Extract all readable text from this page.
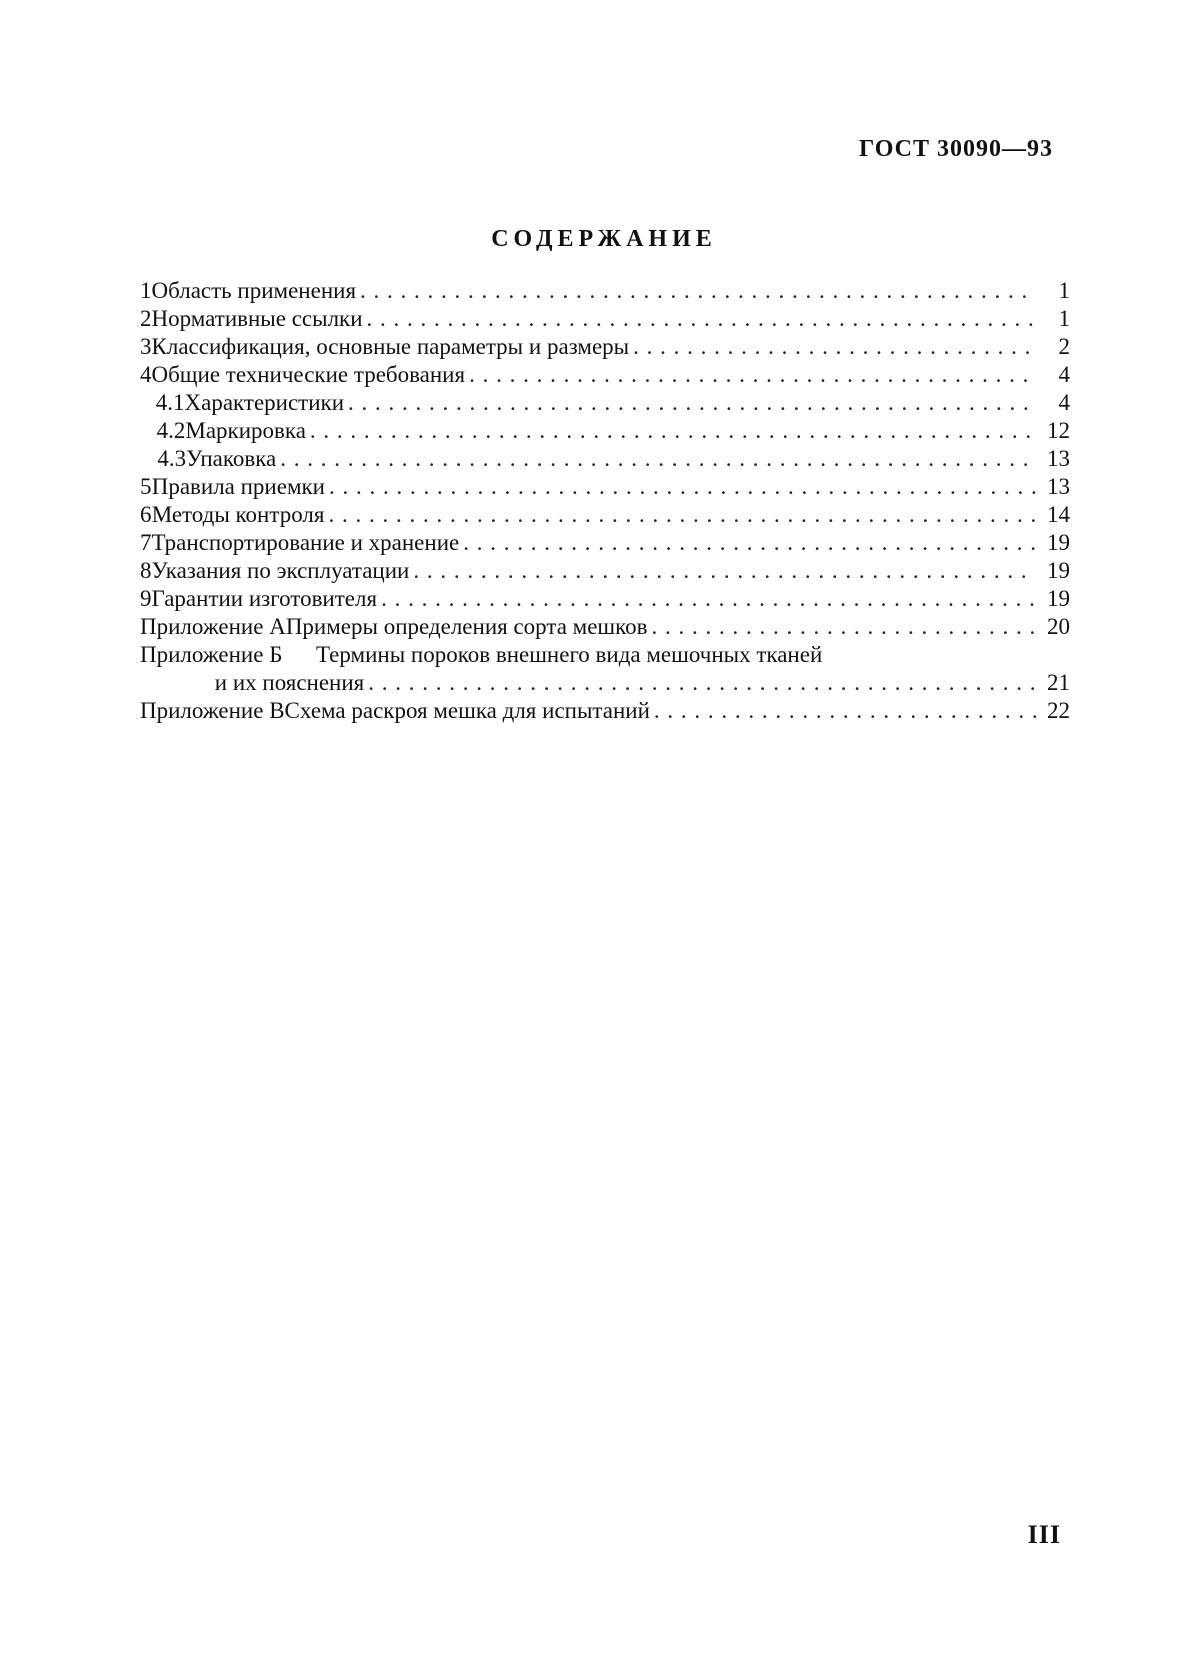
ГОСТ 30090—93
СОДЕРЖАНИЕ
1 Область применения . . .	1
2 Нормативные ссылки . . .	1
3 Классификация, основные параметры и размеры . . .	2
4 Общие технические требования . . .	4
4.1 Характеристики . . .	4
4.2 Маркировка . . .	12
4.3 Упаковка . . .	13
5 Правила приемки . . .	13
6 Методы контроля . . .	14
7 Транспортирование и хранение . . .	19
8 Указания по эксплуатации . . .	19
9 Гарантии изготовителя . . .	19
Приложение А Примеры определения сорта мешков . . .	20
Приложение Б	Термины пороков внешнего вида мешочных тканей
и их пояснения . . .	21
Приложение В Схема раскроя мешка для испытаний . . .	22
III
